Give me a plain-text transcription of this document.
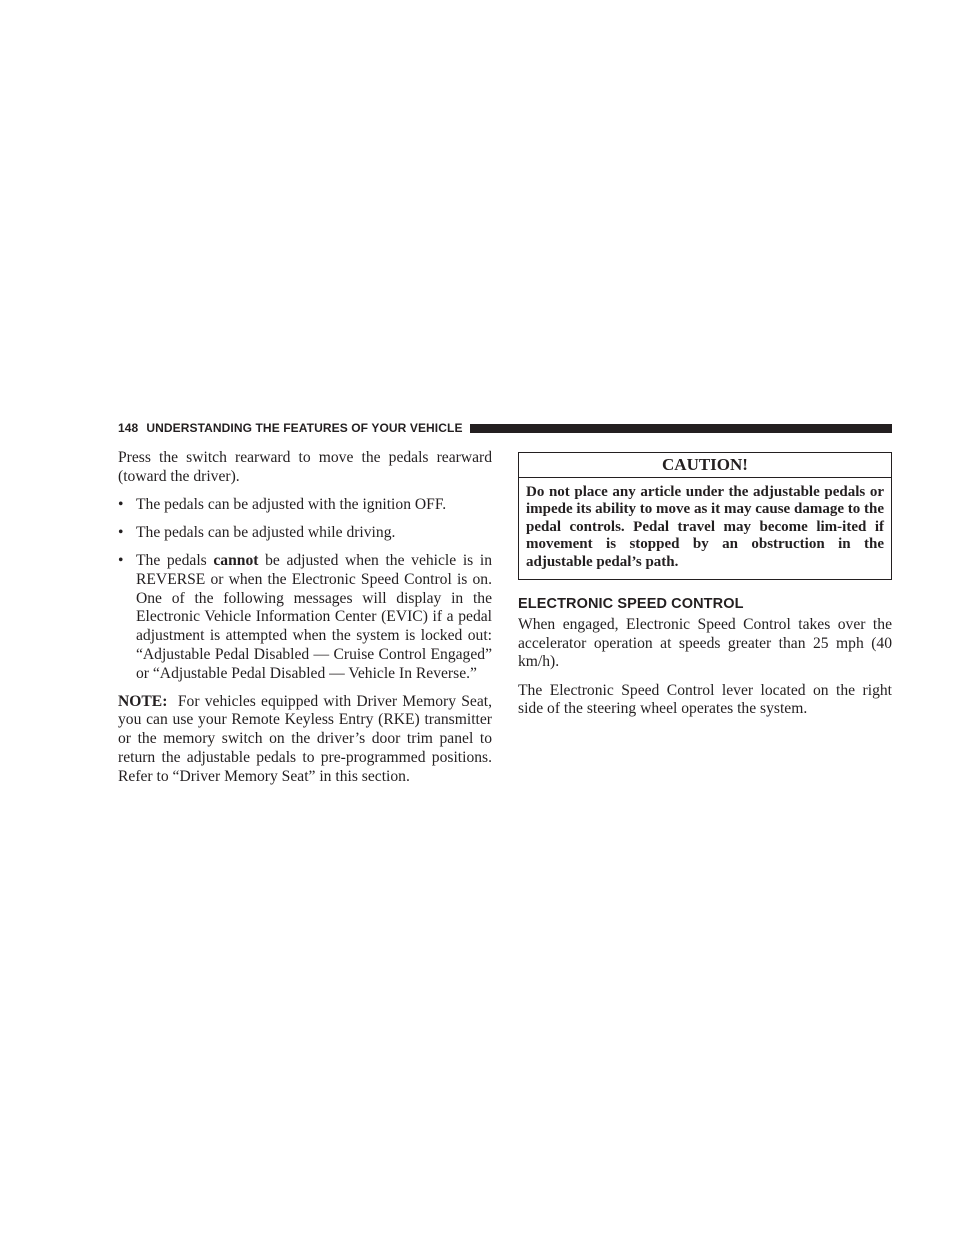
148 UNDERSTANDING THE FEATURES OF YOUR VEHICLE

Press the switch rearward to move the pedals rearward (toward the driver).

• The pedals can be adjusted with the ignition OFF.
• The pedals can be adjusted while driving.
• The pedals cannot be adjusted when the vehicle is in REVERSE or when the Electronic Speed Control is on. One of the following messages will display in the Electronic Vehicle Information Center (EVIC) if a pedal adjustment is attempted when the system is locked out: “Adjustable Pedal Disabled — Cruise Control Engaged” or “Adjustable Pedal Disabled — Vehicle In Reverse.”

NOTE: For vehicles equipped with Driver Memory Seat, you can use your Remote Keyless Entry (RKE) transmitter or the memory switch on the driver’s door trim panel to return the adjustable pedals to pre-programmed positions. Refer to “Driver Memory Seat” in this section.

CAUTION!
Do not place any article under the adjustable pedals or impede its ability to move as it may cause damage to the pedal controls. Pedal travel may become lim-ited if movement is stopped by an obstruction in the adjustable pedal’s path.
ELECTRONIC SPEED CONTROL

When engaged, Electronic Speed Control takes over the accelerator operation at speeds greater than 25 mph (40 km/h).

The Electronic Speed Control lever located on the right side of the steering wheel operates the system.
